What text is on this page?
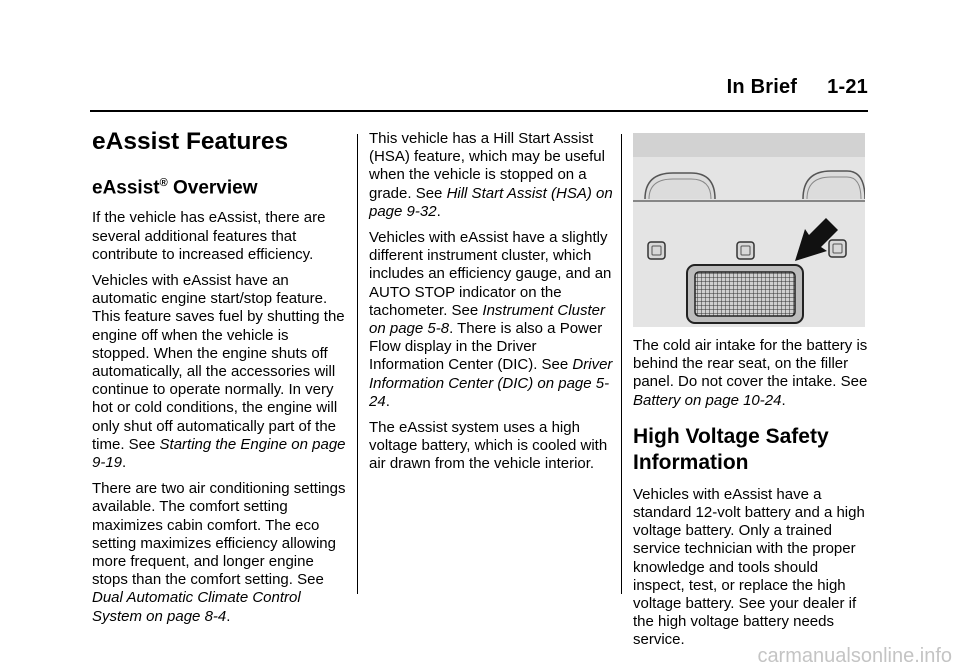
In Brief 1-21
eAssist Features
eAssist® Overview

If the vehicle has eAssist, there are several additional features that contribute to increased efficiency.

Vehicles with eAssist have an automatic engine start/stop feature. This feature saves fuel by shutting the engine off when the vehicle is stopped. When the engine shuts off automatically, all the accessories will continue to operate normally. In very hot or cold conditions, the engine will only shut off automatically part of the time. See Starting the Engine on page 9-19.

There are two air conditioning settings available. The comfort setting maximizes cabin comfort. The eco setting maximizes efficiency allowing more frequent, and longer engine stops than the comfort setting. See Dual Automatic Climate Control System on page 8-4.

This vehicle has a Hill Start Assist (HSA) feature, which may be useful when the vehicle is stopped on a grade. See Hill Start Assist (HSA) on page 9-32.

Vehicles with eAssist have a slightly different instrument cluster, which includes an efficiency gauge, and an AUTO STOP indicator on the tachometer. See Instrument Cluster on page 5-8. There is also a Power Flow display in the Driver Information Center (DIC). See Driver Information Center (DIC) on page 5-24.

The eAssist system uses a high voltage battery, which is cooled with air drawn from the vehicle interior.

The cold air intake for the battery is behind the rear seat, on the filler panel. Do not cover the intake. See Battery on page 10-24.

High Voltage Safety Information

Vehicles with eAssist have a standard 12-volt battery and a high voltage battery. Only a trained service technician with the proper knowledge and tools should inspect, test, or replace the high voltage battery. See your dealer if the high voltage battery needs service.

carmanualsonline.info
